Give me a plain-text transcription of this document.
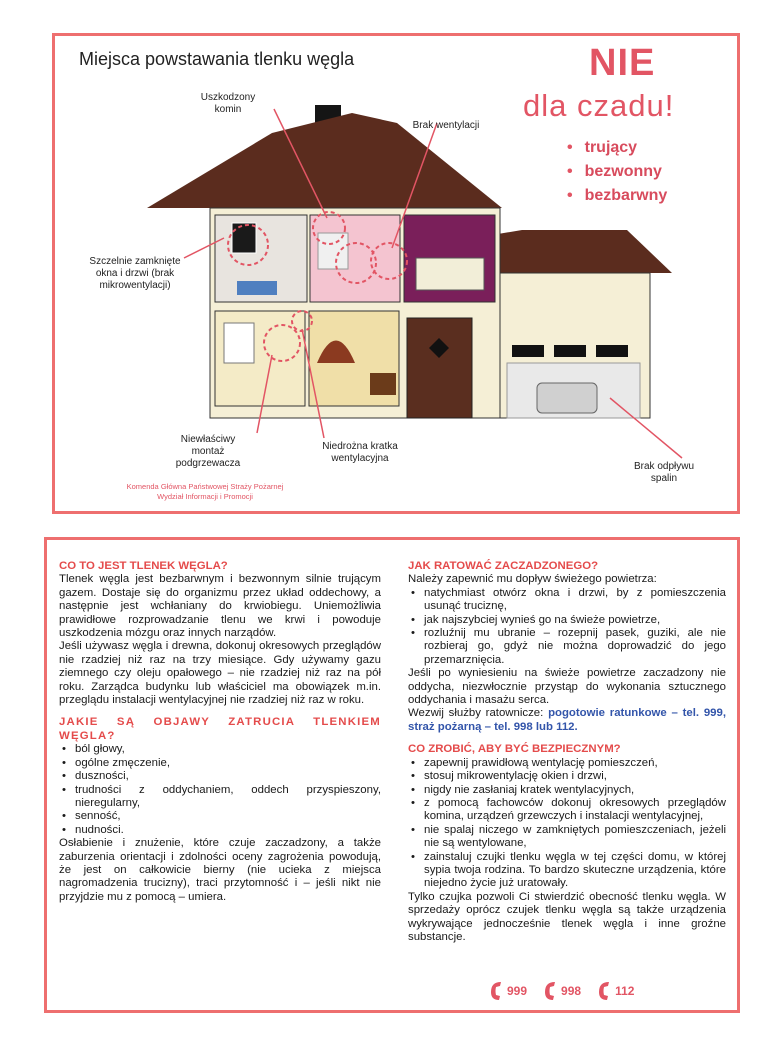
Miejsca powstawania tlenku węgla	NIE
dla czadu!
• trujący
• bezwonny
• bezbarwny
Uszkodzony
komin
Brak wentylacji
Szczelnie zamknięte
okna i drzwi (brak
mikrowentylacji)
Niewłaściwy
montaż
podgrzewacza
Niedrożna kratka
wentylacyjna
Brak odpływu
spalin
Komenda Główna Państwowej Straży Pożarnej
Wydział Informacji i Promocji

CO TO JEST TLENEK WĘGLA?

Tlenek węgla jest bezbarwnym i bezwonnym silnie trującym gazem. Dostaje się do organizmu przez układ oddechowy, a następnie jest wchłaniany do krwiobiegu. Uniemożliwia prawidłowe rozprowadzanie tlenu we krwi i powoduje uszkodzenia mózgu oraz innych narządów.

Jeśli używasz węgla i drewna, dokonuj okresowych przeglądów nie rzadziej niż raz na trzy miesiące. Gdy używamy gazu ziemnego czy oleju opałowego – nie rzadziej niż raz na pół roku. Zarządca budynku lub właściciel ma obowiązek m.in. przeglądu instalacji wentylacyjnej nie rzadziej niż raz w roku.

JAKIE SĄ OBJAWY ZATRUCIA TLENKIEM WĘGLA?

• ból głowy,
• ogólne zmęczenie,
• duszności,
• trudności z oddychaniem, oddech przyspieszony, nieregularny,
• senność,
• nudności.

Osłabienie i znużenie, które czuje zaczadzony, a także zaburzenia orientacji i zdolności oceny zagrożenia powodują, że jest on całkowicie bierny (nie ucieka z miejsca nagromadzenia trucizny), traci przytomność i – jeśli nikt nie przyjdzie mu z pomocą – umiera.

JAK RATOWAĆ ZACZADZONEGO?

Należy zapewnić mu dopływ świeżego powietrza:

• natychmiast otwórz okna i drzwi, by z pomieszczenia usunąć truciznę,
• jak najszybciej wynieś go na świeże powietrze,
• rozluźnij mu ubranie – rozepnij pasek, guziki, ale nie rozbieraj go, gdyż nie można doprowadzić do jego przemarznięcia.

Jeśli po wyniesieniu na świeże powietrze zaczadzony nie oddycha, niezwłocznie przystąp do wykonania sztucznego oddychania i masażu serca.

Wezwij służby ratownicze: pogotowie ratunkowe – tel. 999, straż pożarną – tel. 998 lub 112.

CO ZROBIĆ, ABY BYĆ BEZPIECZNYM?

• zapewnij prawidłową wentylację pomieszczeń,
• stosuj mikrowentylację okien i drzwi,
• nigdy nie zasłaniaj kratek wentylacyjnych,
• z pomocą fachowców dokonuj okresowych przeglądów komina, urządzeń grzewczych i instalacji wentylacyjnej,
• nie spalaj niczego w zamkniętych pomieszczeniach, jeżeli nie są wentylowane,
• zainstaluj czujki tlenku węgla w tej części domu, w której sypia twoja rodzina. To bardzo skuteczne urządzenia, które niejedno życie już uratowały.

Tylko czujka pozwoli Ci stwierdzić obecność tlenku węgla. W sprzedaży oprócz czujek tlenku węgla są także urządzenia wykrywające jednocześnie tlenek węgla i inne groźne substancje.

999	998	112
